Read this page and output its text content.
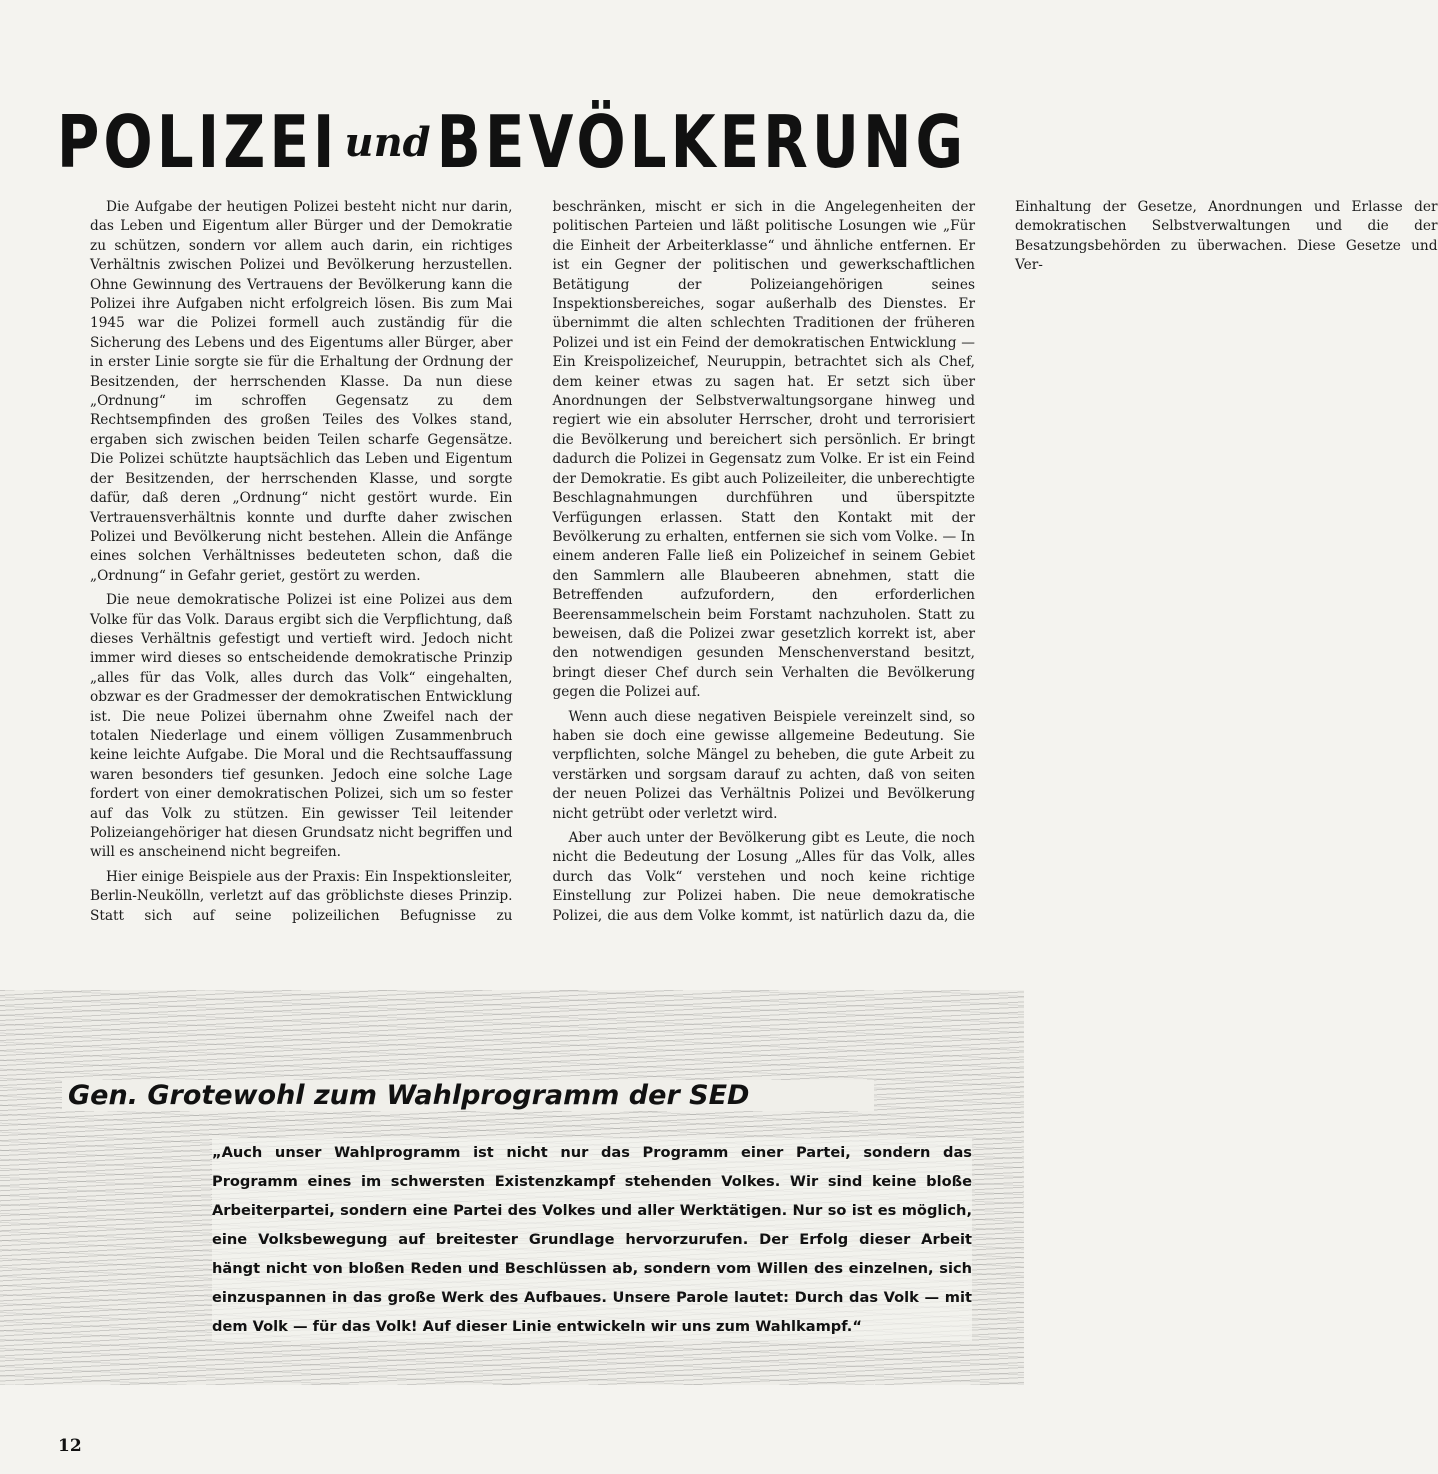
POLIZEI und BEVÖLKERUNG

Die Aufgabe der heutigen Polizei besteht nicht nur darin, das Leben und Eigentum aller Bürger und der Demokratie zu schützen, sondern vor allem auch darin, ein richtiges Verhältnis zwischen Polizei und Bevölkerung herzustellen. Ohne Gewinnung des Vertrauens der Bevölkerung kann die Polizei ihre Aufgaben nicht erfolgreich lösen. Bis zum Mai 1945 war die Polizei formell auch zuständig für die Sicherung des Lebens und des Eigentums aller Bürger, aber in erster Linie sorgte sie für die Erhaltung der Ordnung der Besitzenden, der herrschenden Klasse. Da nun diese „Ordnung“ im schroffen Gegensatz zu dem Rechtsempfinden des großen Teiles des Volkes stand, ergaben sich zwischen beiden Teilen scharfe Gegensätze. Die Polizei schützte hauptsächlich das Leben und Eigentum der Besitzenden, der herrschenden Klasse, und sorgte dafür, daß deren „Ordnung“ nicht gestört wurde. Ein Vertrauensverhältnis konnte und durfte daher zwischen Polizei und Bevölkerung nicht bestehen. Allein die Anfänge eines solchen Verhältnisses bedeuteten schon, daß die „Ordnung“ in Gefahr geriet, gestört zu werden.

Die neue demokratische Polizei ist eine Polizei aus dem Volke für das Volk. Daraus ergibt sich die Verpflichtung, daß dieses Verhältnis gefestigt und vertieft wird. Jedoch nicht immer wird dieses so entscheidende demokratische Prinzip „alles für das Volk, alles durch das Volk“ eingehalten, obzwar es der Gradmesser der demokratischen Entwicklung ist. Die neue Polizei übernahm ohne Zweifel nach der totalen Niederlage und einem völligen Zusammenbruch keine leichte Aufgabe. Die Moral und die Rechtsauffassung waren besonders tief gesunken. Jedoch eine solche Lage fordert von einer demokratischen Polizei, sich um so fester auf das Volk zu stützen. Ein gewisser Teil leitender Polizeiangehöriger hat diesen Grundsatz nicht begriffen und will es anscheinend nicht begreifen.

Hier einige Beispiele aus der Praxis: Ein Inspektionsleiter, Berlin-Neukölln, verletzt auf das gröblichste dieses Prinzip. Statt sich auf seine polizeilichen Befugnisse zu beschränken, mischt er sich in die Angelegenheiten der politischen Parteien und läßt politische Losungen wie „Für die Einheit der Arbeiterklasse“ und ähnliche entfernen. Er ist ein Gegner der politischen und gewerkschaftlichen Betätigung der Polizeiangehörigen seines Inspektionsbereiches, sogar außerhalb des Dienstes. Er übernimmt die alten schlechten Traditionen der früheren Polizei und ist ein Feind der demokratischen Entwicklung — Ein Kreispolizeichef, Neuruppin, betrachtet sich als Chef, dem keiner etwas zu sagen hat. Er setzt sich über Anordnungen der Selbstverwaltungsorgane hinweg und regiert wie ein absoluter Herrscher, droht und terrorisiert die Bevölkerung und bereichert sich persönlich. Er bringt dadurch die Polizei in Gegensatz zum Volke. Er ist ein Feind der Demokratie. Es gibt auch Polizeileiter, die unberechtigte Beschlagnahmungen durchführen und überspitzte Verfügungen erlassen. Statt den Kontakt mit der Bevölkerung zu erhalten, entfernen sie sich vom Volke. — In einem anderen Falle ließ ein Polizeichef in seinem Gebiet den Sammlern alle Blaubeeren abnehmen, statt die Betreffenden aufzufordern, den erforderlichen Beerensammelschein beim Forstamt nachzuholen. Statt zu beweisen, daß die Polizei zwar gesetzlich korrekt ist, aber den notwendigen gesunden Menschenverstand besitzt, bringt dieser Chef durch sein Verhalten die Bevölkerung gegen die Polizei auf.

Wenn auch diese negativen Beispiele vereinzelt sind, so haben sie doch eine gewisse allgemeine Bedeutung. Sie verpflichten, solche Mängel zu beheben, die gute Arbeit zu verstärken und sorgsam darauf zu achten, daß von seiten der neuen Polizei das Verhältnis Polizei und Bevölkerung nicht getrübt oder verletzt wird.

Aber auch unter der Bevölkerung gibt es Leute, die noch nicht die Bedeutung der Losung „Alles für das Volk, alles durch das Volk“ verstehen und noch keine richtige Einstellung zur Polizei haben. Die neue demokratische Polizei, die aus dem Volke kommt, ist natürlich dazu da, die Einhaltung der Gesetze, Anordnungen und Erlasse der demokratischen Selbstverwaltungen und die der Besatzungsbehörden zu überwachen. Diese Gesetze und Ver-

Gen. Grotewohl zum Wahlprogramm der SED
„Auch unser Wahlprogramm ist nicht nur das Programm einer Partei, sondern das Programm eines im schwersten Existenzkampf stehenden Volkes. Wir sind keine bloße Arbeiterpartei, sondern eine Partei des Volkes und aller Werktätigen. Nur so ist es möglich, eine Volksbewegung auf breitester Grundlage hervorzurufen. Der Erfolg dieser Arbeit hängt nicht von bloßen Reden und Beschlüssen ab, sondern vom Willen des einzelnen, sich einzuspannen in das große Werk des Aufbaues. Unsere Parole lautet: Durch das Volk — mit dem Volk — für das Volk! Auf dieser Linie entwickeln wir uns zum Wahlkampf.“
12
